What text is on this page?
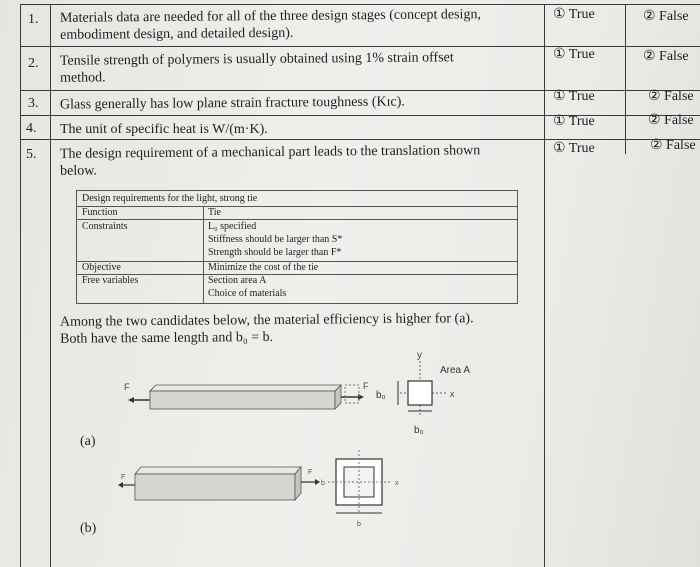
1. Materials data are needed for all of the three design stages (concept design,
embodiment design, and detailed design).
① True	② False
2. Tensile strength of polymers is usually obtained using 1% strain offset
method.
① True	② False
3. Glass generally has low plane strain fracture toughness (Kıc).	① True	② False
4. The unit of specific heat is W/(m·K).
① True	② False
5. The design requirement of a mechanical part leads to the translation shown
below.
① True	② False
Design requirements for the light, strong tie
Function	Tie
Constraints	L₀ specified
Stiffness should be larger than S*
Strength should be larger than F*
Objective	Minimize the cost of the tie
Free variables	Section area A
Choice of materials
Among the two candidates below, the material efficiency is higher for (a).
Both have the same length and b₀ = b.
F	F
y
Area A
x
b₀
b₀
(a)
F
F
b	x
b
(b)
